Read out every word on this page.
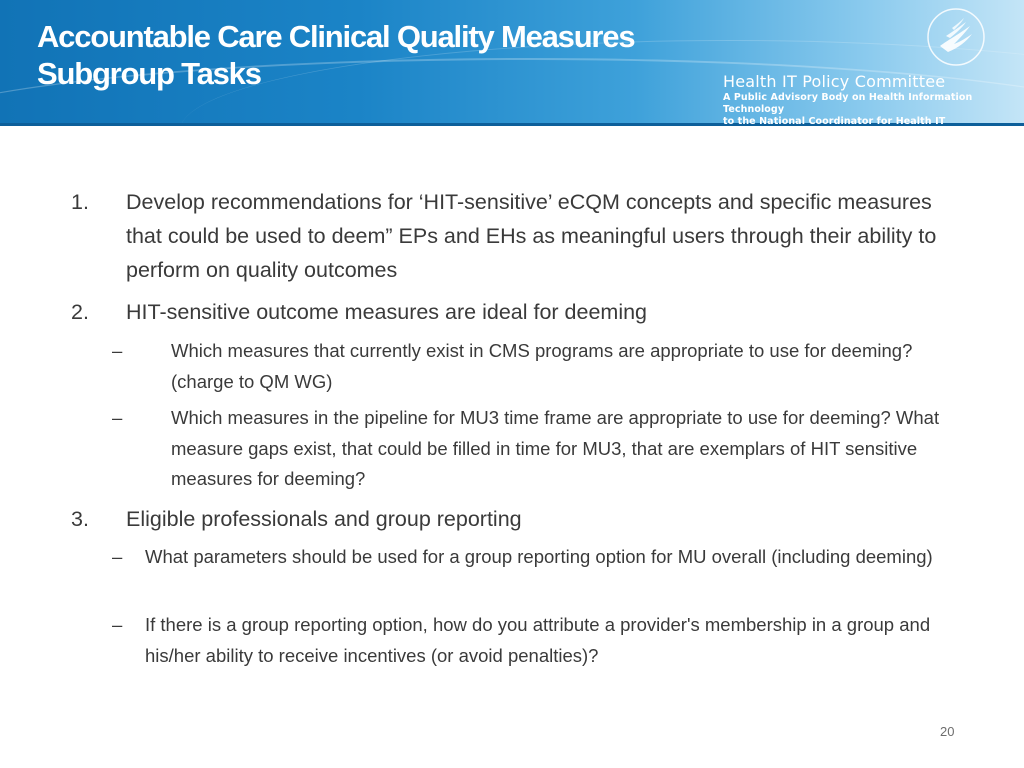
Accountable Care Clinical Quality Measures
Subgroup Tasks	Health IT Policy Committee
A Public Advisory Body on Health Information Technology
to the National Coordinator for Health IT
1. Develop recommendations for ‘HIT-sensitive’ eCQM concepts and specific measures that could be used to deem” EPs and EHs as meaningful users through their ability to perform on quality outcomes
2. HIT-sensitive outcome measures are ideal for deeming
–	Which measures that currently exist in CMS programs are appropriate to use for deeming? (charge to QM WG)
–	Which measures in the pipeline for MU3 time frame are appropriate to use for deeming? What measure gaps exist, that could be filled in time for MU3, that are exemplars of HIT sensitive measures for deeming?
3. Eligible professionals and group reporting
– What parameters should be used for a group reporting option for MU overall (including deeming)
– If there is a group reporting option, how do you attribute a provider's membership in a group and his/her ability to receive incentives (or avoid penalties)?
20
